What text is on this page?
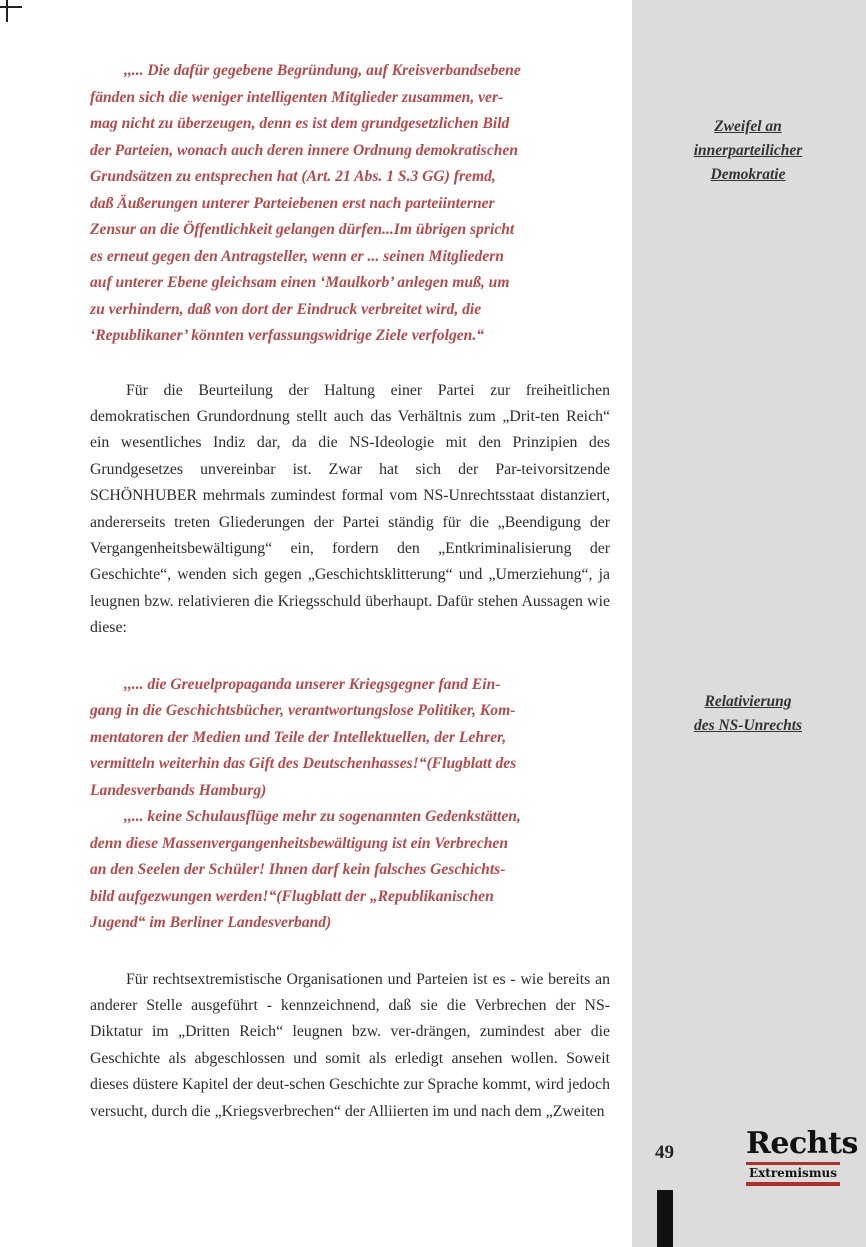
,,... Die dafür gegebene Begründung, auf Kreisverbandsebene

fänden sich die weniger intelligenten Mitglieder zusammen, ver-

mag nicht zu überzeugen, denn es ist dem grundgesetzlichen Bild

der Parteien, wonach auch deren innere Ordnung demokratischen

Grundsätzen zu entsprechen hat (Art. 21 Abs. 1 S.3 GG) fremd,

daß Äußerungen unterer Parteiebenen erst nach parteiinterner

Zensur an die Öffentlichkeit gelangen dürfen...Im übrigen spricht

es erneut gegen den Antragsteller, wenn er ... seinen Mitgliedern

auf unterer Ebene gleichsam einen ‘Maulkorb’ anlegen muß, um

zu verhindern, daß von dort der Eindruck verbreitet wird, die

‘Republikaner’ könnten verfassungswidrige Ziele verfolgen.“

Für die Beurteilung der Haltung einer Partei zur freiheitlichen demokratischen Grundordnung stellt auch das Verhältnis zum „Drit-ten Reich“ ein wesentliches Indiz dar, da die NS-Ideologie mit den Prinzipien des Grundgesetzes unvereinbar ist. Zwar hat sich der Par-teivorsitzende SCHÖNHUBER mehrmals zumindest formal vom NS-Unrechtsstaat distanziert, andererseits treten Gliederungen der Partei ständig für die „Beendigung der Vergangenheitsbewältigung“ ein, fordern den „Entkriminalisierung der Geschichte“, wenden sich gegen „Geschichtsklitterung“ und „Umerziehung“, ja leugnen bzw. relativieren die Kriegsschuld überhaupt. Dafür stehen Aussagen wie diese:

,,... die Greuelpropaganda unserer Kriegsgegner fand Ein-

gang in die Geschichtsbücher, verantwortungslose Politiker, Kom-

mentatoren der Medien und Teile der Intellektuellen, der Lehrer,

vermitteln weiterhin das Gift des Deutschenhasses!“(Flugblatt des

Landesverbands Hamburg)

,,... keine Schulausflüge mehr zu sogenannten Gedenkstätten,

denn diese Massenvergangenheitsbewältigung ist ein Verbrechen

an den Seelen der Schüler! Ihnen darf kein falsches Geschichts-

bild aufgezwungen werden!“(Flugblatt der „Republikanischen

Jugend“ im Berliner Landesverband)

Für rechtsextremistische Organisationen und Parteien ist es - wie bereits an anderer Stelle ausgeführt - kennzeichnend, daß sie die Verbrechen der NS-Diktatur im „Dritten Reich“ leugnen bzw. ver-drängen, zumindest aber die Geschichte als abgeschlossen und somit als erledigt ansehen wollen. Soweit dieses düstere Kapitel der deut-schen Geschichte zur Sprache kommt, wird jedoch versucht, durch die „Kriegsverbrechen“ der Alliierten im und nach dem „Zweiten

Zweifel an
innerparteilicher
Demokratie
Relativierung
des NS-Unrechts
49 Rechts
Extremismus
